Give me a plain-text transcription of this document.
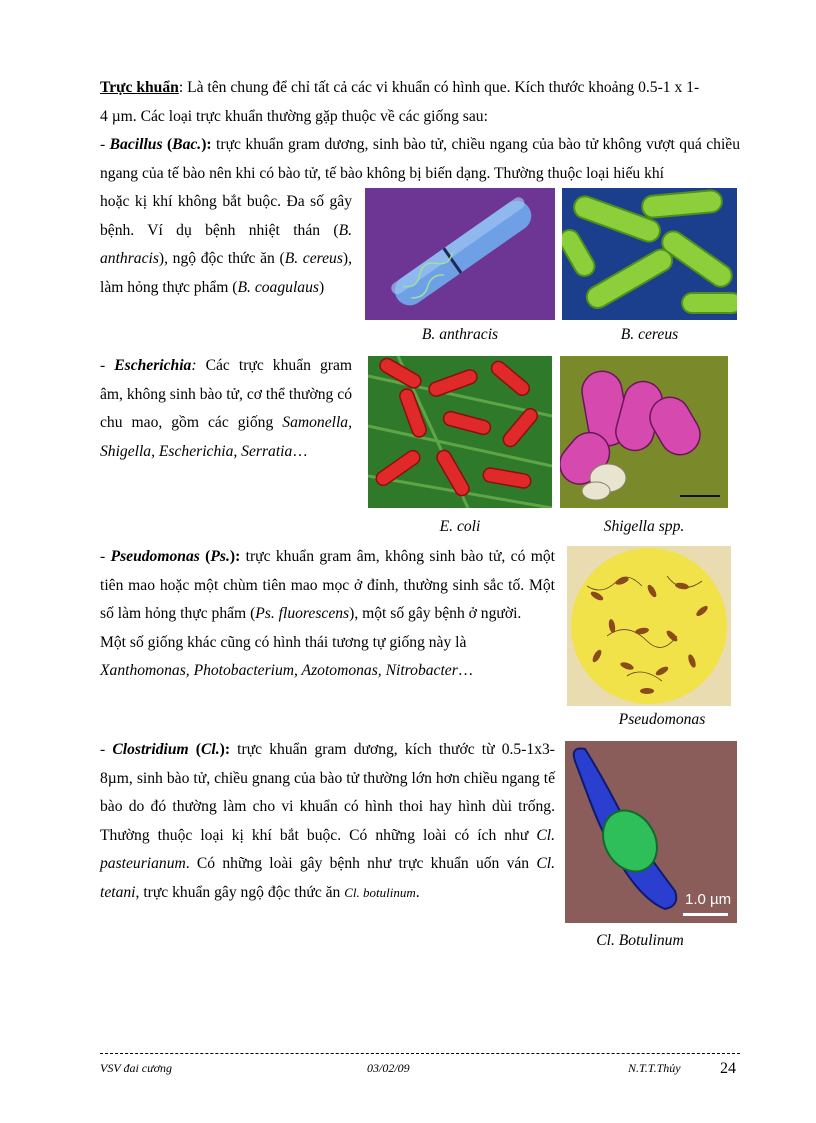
Trực khuẩn: Là tên chung để chỉ tất cả các vi khuẩn có hình que. Kích thước khoảng 0.5-1 x 1-
4 µm. Các loại trực khuẩn thường gặp thuộc về các giống sau:

- Bacillus (Bac.): trực khuẩn gram dương, sinh bào tử, chiều ngang của bào tử không vượt quá chiều ngang của tế bào nên khi có bào tử, tế bào không bị biến dạng. Thường thuộc loại hiếu khí

hoặc kị khí không bắt buộc. Đa số gây bệnh. Ví dụ bệnh nhiệt thán (B. anthracis), ngộ độc thức ăn (B. cereus), làm hỏng thực phẩm (B. coagulaus)

B. anthracis	B. cereus

- Escherichia: Các trực khuẩn gram âm, không sinh bào tử, cơ thể thường có chu mao, gồm các giống Samonella, Shigella, Escherichia, Serratia…

E. coli	Shigella spp.

- Pseudomonas (Ps.): trực khuẩn gram âm, không sinh bào tử, có một tiên mao hoặc một chùm tiên mao mọc ở đỉnh, thường sinh sắc tố. Một số làm hỏng thực phẩm (Ps. fluorescens), một số gây bệnh ở người.

Một số giống khác cũng có hình thái tương tự giống này là
Xanthomonas, Photobacterium, Azotomonas, Nitrobacter…

Pseudomonas

- Clostridium (Cl.): trực khuẩn gram dương, kích thước từ 0.5-1x3-8µm, sinh bào tử, chiều gnang của bào tử thường lớn hơn chiều ngang tế bào do đó thường làm cho vi khuẩn có hình thoi hay hình dùi trống. Thường thuộc loại kị khí bắt buộc. Có những loài có ích như Cl. pasteurianum. Có những loài gây bệnh như trực khuẩn uốn ván Cl. tetani, trực khuẩn gây ngộ độc thức ăn Cl. botulinum.	1.0 µm
Cl. Botulinum
VSV đai cương	03/02/09	N.T.T.Thủy 24
